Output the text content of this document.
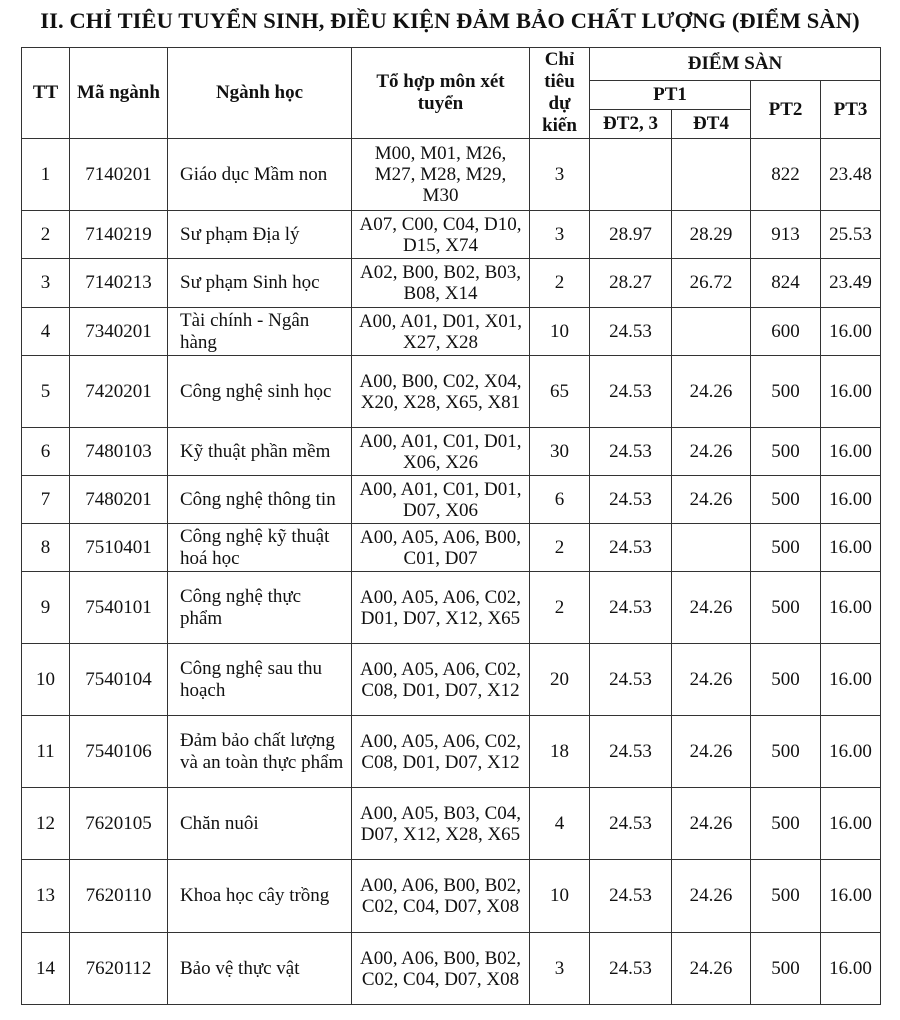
II. CHỈ TIÊU TUYỂN SINH, ĐIỀU KIỆN ĐẢM BẢO CHẤT LƯỢNG (ĐIỂM SÀN)
TT	Mã ngành	Ngành học	Tổ hợp môn xét tuyển	Chỉ tiêu dự kiến	ĐIỂM SÀN			
					PT1		PT2	PT3
					ĐT2, 3	ĐT4		
1	7140201	Giáo dục Mầm non	M00, M01, M26, M27, M28, M29, M30	3			822	23.48
2	7140219	Sư phạm Địa lý	A07, C00, C04, D10, D15, X74	3	28.97	28.29	913	25.53
3	7140213	Sư phạm Sinh học	A02, B00, B02, B03, B08, X14	2	28.27	26.72	824	23.49
4	7340201	Tài chính - Ngân hàng	A00, A01, D01, X01, X27, X28	10	24.53		600	16.00
5	7420201	Công nghệ sinh học	A00, B00, C02, X04, X20, X28, X65, X81	65	24.53	24.26	500	16.00
6	7480103	Kỹ thuật phần mềm	A00, A01, C01, D01, X06, X26	30	24.53	24.26	500	16.00
7	7480201	Công nghệ thông tin	A00, A01, C01, D01, D07, X06	6	24.53	24.26	500	16.00
8	7510401	Công nghệ kỹ thuật hoá học	A00, A05, A06, B00, C01, D07	2	24.53		500	16.00
9	7540101	Công nghệ thực phẩm	A00, A05, A06, C02, D01, D07, X12, X65	2	24.53	24.26	500	16.00
10	7540104	Công nghệ sau thu hoạch	A00, A05, A06, C02, C08, D01, D07, X12	20	24.53	24.26	500	16.00
11	7540106	Đảm bảo chất lượng và an toàn thực phẩm	A00, A05, A06, C02, C08, D01, D07, X12	18	24.53	24.26	500	16.00
12	7620105	Chăn nuôi	A00, A05, B03, C04, D07, X12, X28, X65	4	24.53	24.26	500	16.00
13	7620110	Khoa học cây trồng	A00, A06, B00, B02, C02, C04, D07, X08	10	24.53	24.26	500	16.00
14	7620112	Bảo vệ thực vật	A00, A06, B00, B02, C02, C04, D07, X08	3	24.53	24.26	500	16.00
